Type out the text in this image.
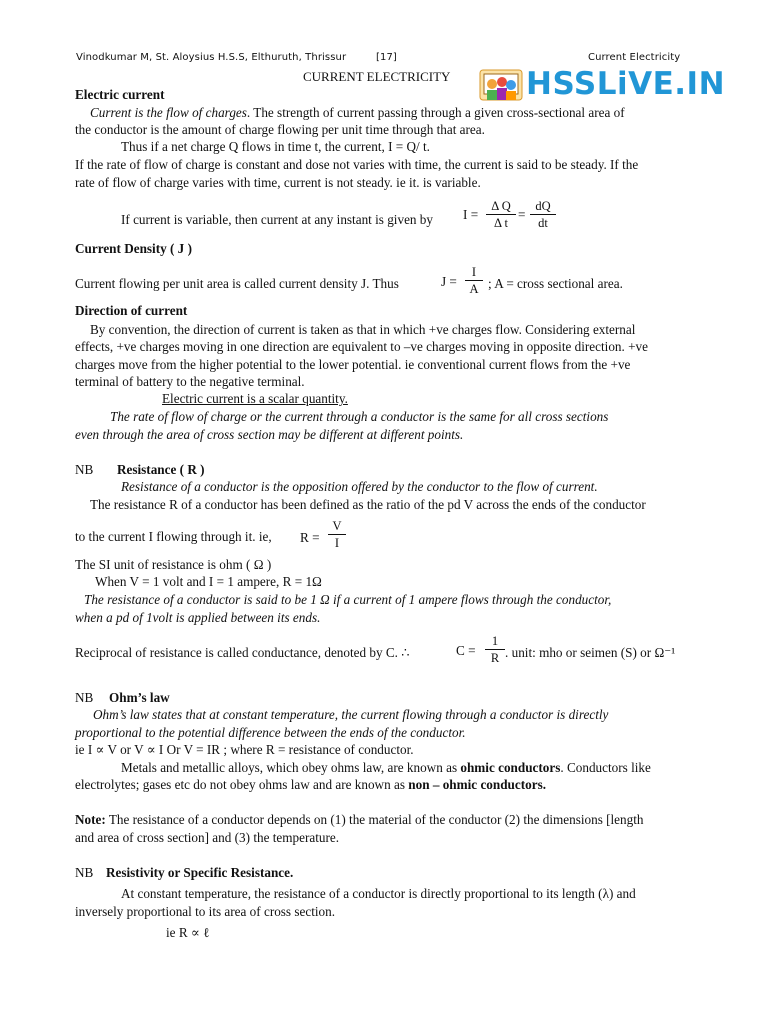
Vinodkumar M, St. Aloysius H.S.S, Elthuruth, Thrissur	[17]	Current Electricity
CURRENT ELECTRICITY HSSLiVE.IN
Electric current
Current is the flow of charges. The strength of current passing through a given cross-sectional area of
the conductor is the amount of charge flowing per unit time through that area.
Thus if a net charge Q flows in time t, the current, I = Q/ t.
If the rate of flow of charge is constant and dose not varies with time, the current is said to be steady. If the
rate of flow of charge varies with time, current is not steady. ie it. is variable.
If current is variable, then current at any instant is given by $I = \frac{\text{Δ Q}}{\text{Δ t}} = \frac{dQ}{dt}$
Current Density ( J )
Current flowing per unit area is called current density J. Thus	$J = \frac{I}{A}$ ; A = cross sectional area.
Direction of current
By convention, the direction of current is taken as that in which +ve charges flow. Considering external
effects, +ve charges moving in one direction are equivalent to –ve charges moving in opposite direction. +ve
charges move from the higher potential to the lower potential. ie conventional current flows from the +ve
terminal of battery to the negative terminal.
Electric current is a scalar quantity.
The rate of flow of charge or the current through a conductor is the same for all cross sections
even through the area of cross section may be different at different points.
NB Resistance ( R )
Resistance of a conductor is the opposition offered by the conductor to the flow of current.
The resistance R of a conductor has been defined as the ratio of the pd V across the ends of the conductor
to the current I flowing through it. ie, $R = \frac{V}{I}$
The SI unit of resistance is ohm ( Ω )
When V = 1 volt and I = 1 ampere, R = 1Ω
The resistance of a conductor is said to be 1 Ω if a current of 1 ampere flows through the conductor,
when a pd of 1volt is applied between its ends.
Reciprocal of resistance is called conductance, denoted by C. ∴	$C = \frac{1}{R}$ . unit: mho or seimen (S) or Ω⁻¹
NB Ohm’s law
Ohm’s law states that at constant temperature, the current flowing through a conductor is directly
proportional to the potential difference between the ends of the conductor.
ie I ∝ V or V ∝ I Or V = IR ; where R = resistance of conductor.
Metals and metallic alloys, which obey ohms law, are known as ohmic conductors. Conductors like
electrolytes; gases etc do not obey ohms law and are known as non – ohmic conductors.
Note: The resistance of a conductor depends on (1) the material of the conductor (2) the dimensions [length
and area of cross section] and (3) the temperature.
NB Resistivity or Specific Resistance.
At constant temperature, the resistance of a conductor is directly proportional to its length (λ) and
inversely proportional to its area of cross section.
ie R ∝ ℓ
